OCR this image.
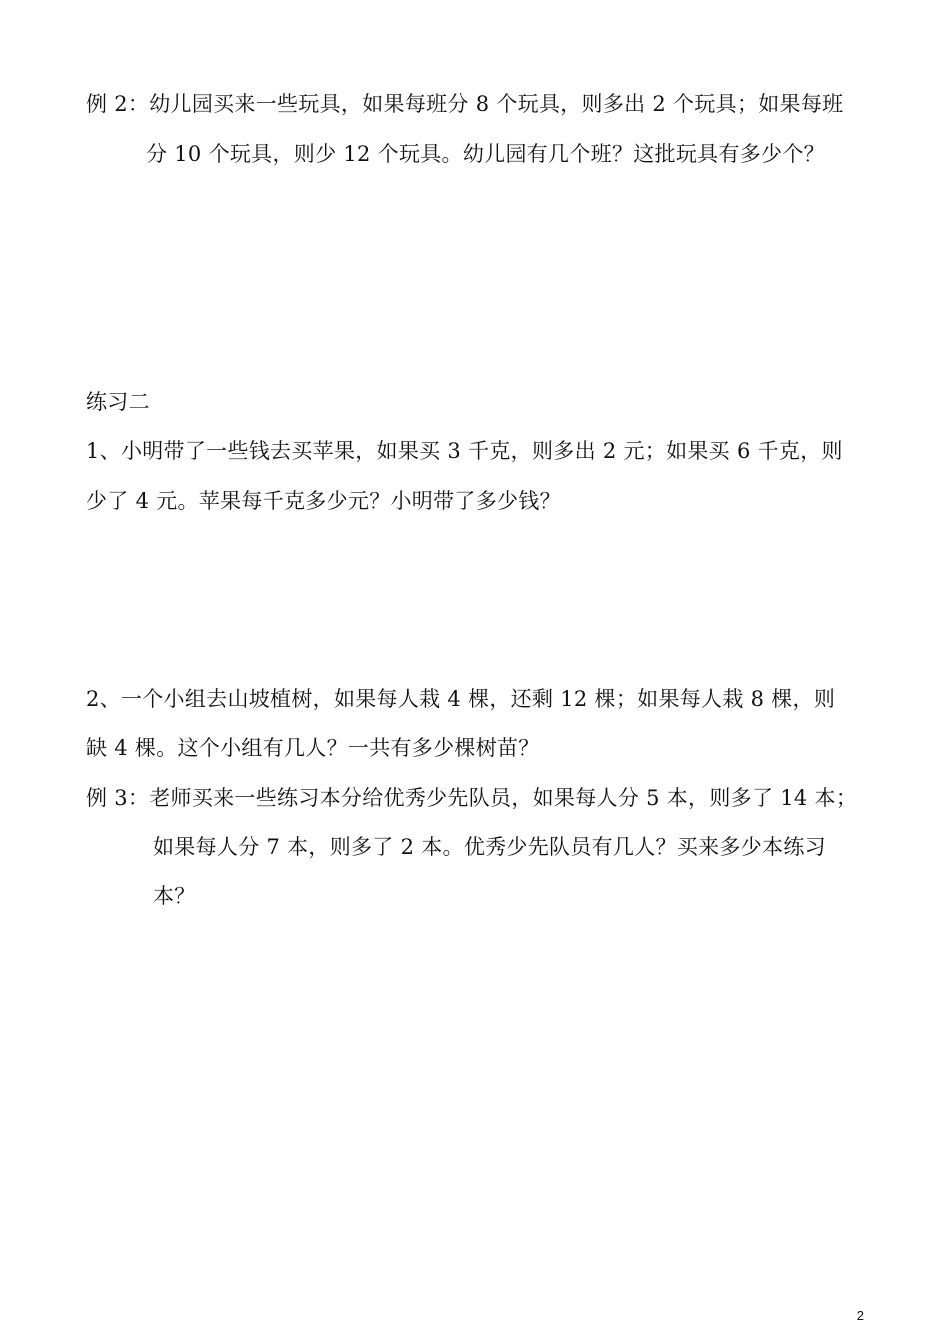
例 2：幼儿园买来一些玩具，如果每班分 8 个玩具，则多出 2 个玩具；如果每班
分 10 个玩具，则少 12 个玩具。幼儿园有几个班？这批玩具有多少个？
练习二
1、小明带了一些钱去买苹果，如果买 3 千克，则多出 2 元；如果买 6 千克，则
少了 4 元。苹果每千克多少元？小明带了多少钱？
2、一个小组去山坡植树，如果每人栽 4 棵，还剩 12 棵；如果每人栽 8 棵，则
缺 4 棵。这个小组有几人？一共有多少棵树苗？
例 3：老师买来一些练习本分给优秀少先队员，如果每人分 5 本，则多了 14 本；
如果每人分 7 本，则多了 2 本。优秀少先队员有几人？买来多少本练习
本？
2
